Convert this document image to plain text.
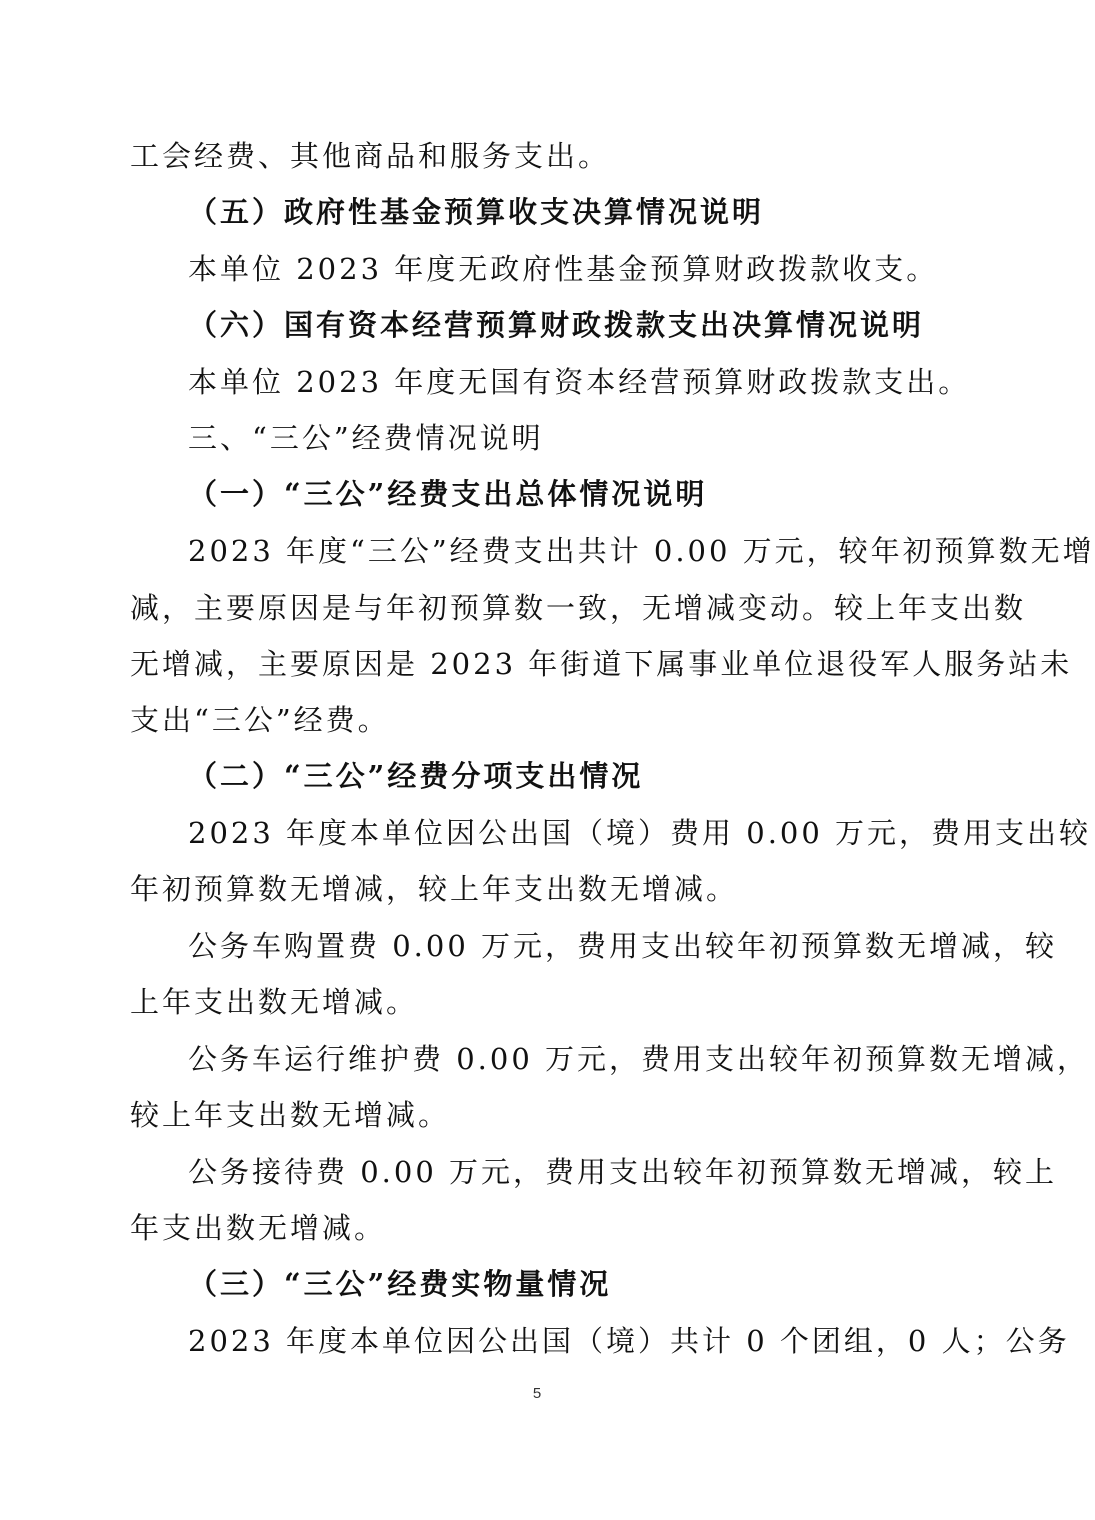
工会经费、其他商品和服务支出。
（五）政府性基金预算收支决算情况说明
本单位 2023 年度无政府性基金预算财政拨款收支。
（六）国有资本经营预算财政拨款支出决算情况说明
本单位 2023 年度无国有资本经营预算财政拨款支出。
三、“三公”经费情况说明
（一）“三公”经费支出总体情况说明
2023 年度“三公”经费支出共计 0.00 万元，较年初预算数无增
减，主要原因是与年初预算数一致，无增减变动。较上年支出数
无增减，主要原因是 2023 年街道下属事业单位退役军人服务站未
支出“三公”经费。
（二）“三公”经费分项支出情况
2023 年度本单位因公出国（境）费用 0.00 万元，费用支出较
年初预算数无增减，较上年支出数无增减。
公务车购置费 0.00 万元，费用支出较年初预算数无增减，较
上年支出数无增减。
公务车运行维护费 0.00 万元，费用支出较年初预算数无增减，
较上年支出数无增减。
公务接待费 0.00 万元，费用支出较年初预算数无增减，较上
年支出数无增减。
（三）“三公”经费实物量情况
2023 年度本单位因公出国（境）共计 0 个团组，0 人；公务
5
